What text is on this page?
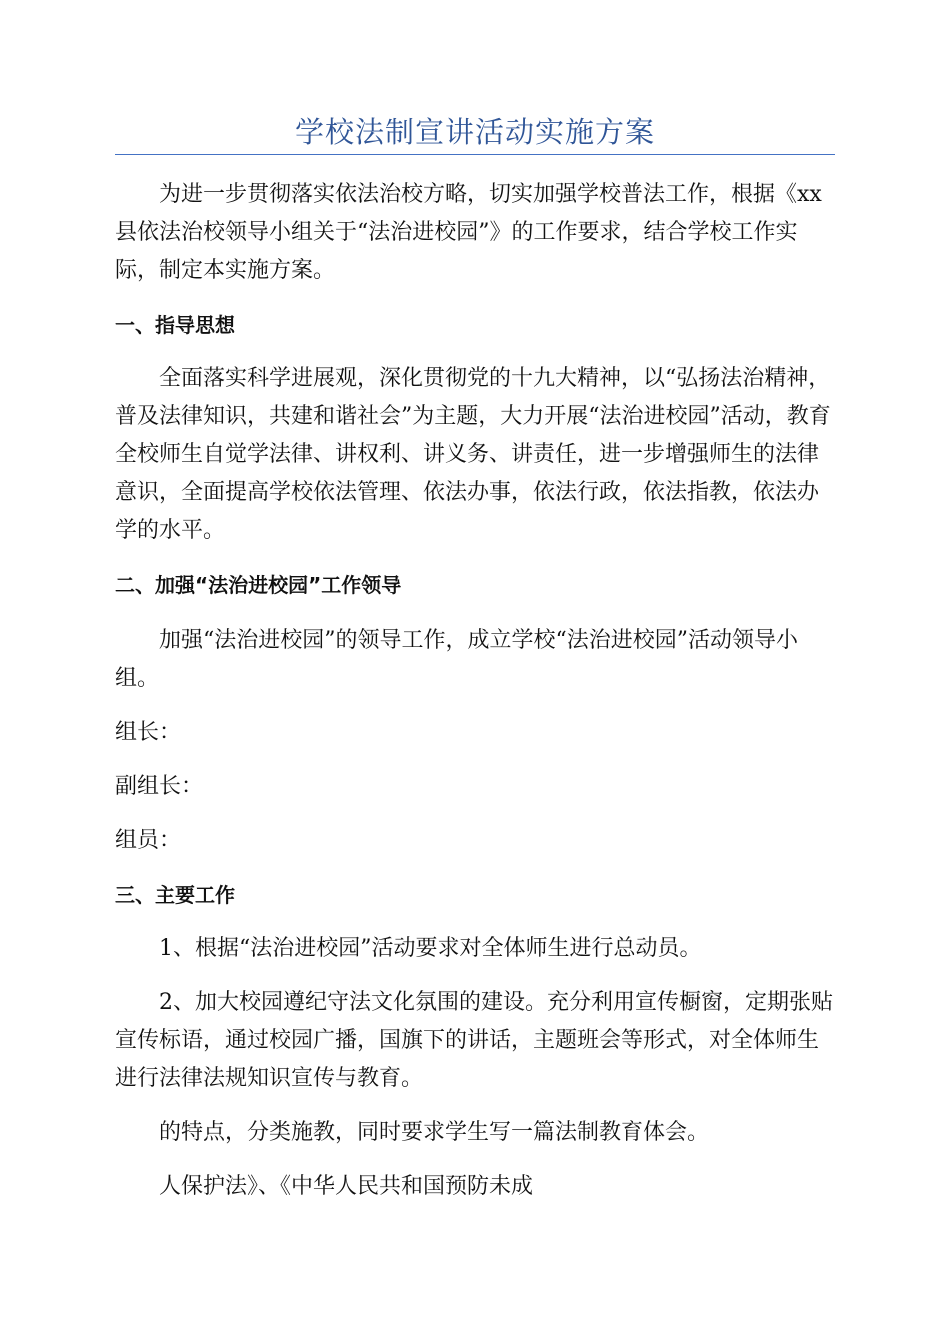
学校法制宣讲活动实施方案

为进一步贯彻落实依法治校方略，切实加强学校普法工作，根据《xx县依法治校领导小组关于“法治进校园”》的工作要求，结合学校工作实际，制定本实施方案。

一、指导思想

全面落实科学进展观，深化贯彻党的十九大精神，以“弘扬法治精神，普及法律知识，共建和谐社会”为主题，大力开展“法治进校园”活动，教育全校师生自觉学法律、讲权利、讲义务、讲责任，进一步增强师生的法律意识，全面提高学校依法管理、依法办事，依法行政，依法指教，依法办学的水平。

二、加强“法治进校园”工作领导

加强“法治进校园”的领导工作，成立学校“法治进校园”活动领导小组。

组长：

副组长：

组员：

三、主要工作

1、根据“法治进校园”活动要求对全体师生进行总动员。

2、加大校园遵纪守法文化氛围的建设。充分利用宣传橱窗，定期张贴宣传标语，通过校园广播，国旗下的讲话，主题班会等形式，对全体师生进行法律法规知识宣传与教育。

的特点，分类施教，同时要求学生写一篇法制教育体会。

人保护法》、《中华人民共和国预防未成
